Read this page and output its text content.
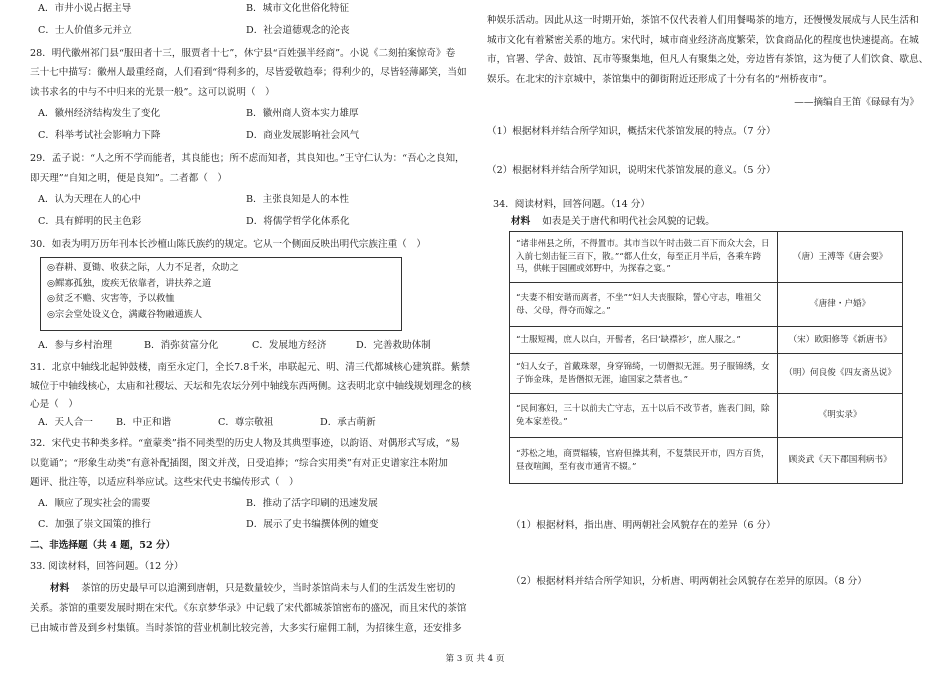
A．市井小说占据主导	B．城市文化世俗化特征
C．士人价值多元并立	D．社会道德观念的沦丧
28．明代徽州祁门县“服田者十三，服贾者十七”，休宁县“百姓强半经商”。小说《二刻拍案惊奇》卷
三十七中描写：徽州人最重经商，人们看到“得利多的，尽皆爱敬趋奉；得利少的，尽皆轻薄鄙笑，当如
读书求名的中与不中归来的光景一般”。这可以说明（　）
A．徽州经济结构发生了变化	B．徽州商人资本实力雄厚
C．科举考试社会影响力下降	D．商业发展影响社会风气
29．孟子说：“人之所不学而能者，其良能也；所不虑而知者，其良知也。”王守仁认为：“吾心之良知，
即天理”“自知之明，便是良知”。二者都（　）
A．认为天理在人的心中	B．主张良知是人的本性
C．具有鲜明的民主色彩	D．将儒学哲学化体系化
30．如表为明万历年刊本长沙檀山陈氏族约的规定。它从一个侧面反映出明代宗族注重（　）
◎春耕、夏锄、收获之际，人力不足者，众助之
◎鳏寡孤独，废疾无依靠者，讲扶养之道
◎贫乏不赡、灾害等，予以救恤
◎宗会堂处设义仓，满藏谷物融通族人
A．参与乡村治理	B．消弥贫富分化	C．发展地方经济	D．完善救助体制
31．北京中轴线北起钟鼓楼，南至永定门，全长7.8千米，串联起元、明、清三代都城核心建筑群。紫禁
城位于中轴线核心，太庙和社稷坛、天坛和先农坛分列中轴线东西两侧。这表明北京中轴线规划理念的核
心是（　）
A．天人合一 B．中正和谐	C．尊宗敬祖	D．承古萌新
32．宋代史书种类多样。“童蒙类”指不同类型的历史人物及其典型事迹，以韵语、对偶形式写成，“易
以览诵”；“形象生动类”有意补配插图，图文并茂，日受追捧；“综合实用类”有对正史谱家注本附加
题评、批注等，以适应科举应试。这些宋代史书编传形式（　）
A．顺应了现实社会的需要	B．推动了活字印刷的迅速发展
C．加强了崇文国策的推行	D．展示了史书编撰体例的嬗变
二、非选择题（共 4 题，52 分）
33. 阅读材料，回答问题。（12 分）
材料 茶馆的历史最早可以追溯到唐朝，只是数量较少，当时茶馆尚未与人们的生活发生密切的
关系。茶馆的重要发展时期在宋代。《东京梦华录》中记载了宋代都城茶馆密布的盛况，而且宋代的茶馆
已由城市普及到乡村集镇。当时茶馆的营业机制比较完善，大多实行雇佣工制，为招徕生意，还安排多
种娱乐活动。因此从这一时期开始，茶馆不仅代表着人们用餐喝茶的地方，还慢慢发展成与人民生活和
城市文化有着紧密关系的地方。宋代时，城市商业经济高度繁荣，饮食商品化的程度也快速提高。在城
市，官署、学舍、鼓馆、瓦市等聚集地，但凡人有聚集之处，旁边皆有茶馆，这为便了人们饮食、歇息、
娱乐。在北宋的汴京城中，茶馆集中的御街附近还形成了十分有名的“州桥夜市”。
——摘编自王笛《碌碌有为》
（1）根据材料并结合所学知识，概括宋代茶馆发展的特点。（7 分）
（2）根据材料并结合所学知识，说明宋代茶馆发展的意义。（5 分）
34．阅读材料，回答问题。（14 分）
材料 如表是关于唐代和明代社会风貌的记载。
“诸非州县之所，不得置市。其市当以午时击鼓二百下而众大会，日入前七刻击钲三百下，散。”“都人仕女，每至正月半后，各乘车跨马，供帐于园圃或郊野中，为探春之宴。”	（唐）王溥等《唐会要》
“夫妻不相安谐而离者，不坐”“妇人夫丧服除，誓心守志，唯祖父母、父母，得夺而嫁之。”	《唐律・户婚》
“士服短褐，庶人以白，开髻者，名曰‘缺襟衫’，庶人服之。”	（宋）欧阳修等《新唐书》
“妇人女子，首戴珠翠，身穿锦绮，一切僭拟无涯。男子服锦绣，女子饰金珠，是皆僭拟无涯，逾国家之禁者也。”	（明）何良俊《四友斋丛说》
“民间寡妇，三十以前夫亡守志，五十以后不改节者，旌表门闾，除免本家差役。”	《明实录》
“苏松之地，商贾辐辏，官府但操其利，不复禁民开市，四方百货，昼夜喧阗，至有夜市通宵不辍。”	顾炎武《天下郡国利病书》
（1）根据材料，指出唐、明两朝社会风貌存在的差异（6 分）
（2）根据材料并结合所学知识，分析唐、明两朝社会风貌存在差异的原因。（8 分）
第 3 页 共 4 页
